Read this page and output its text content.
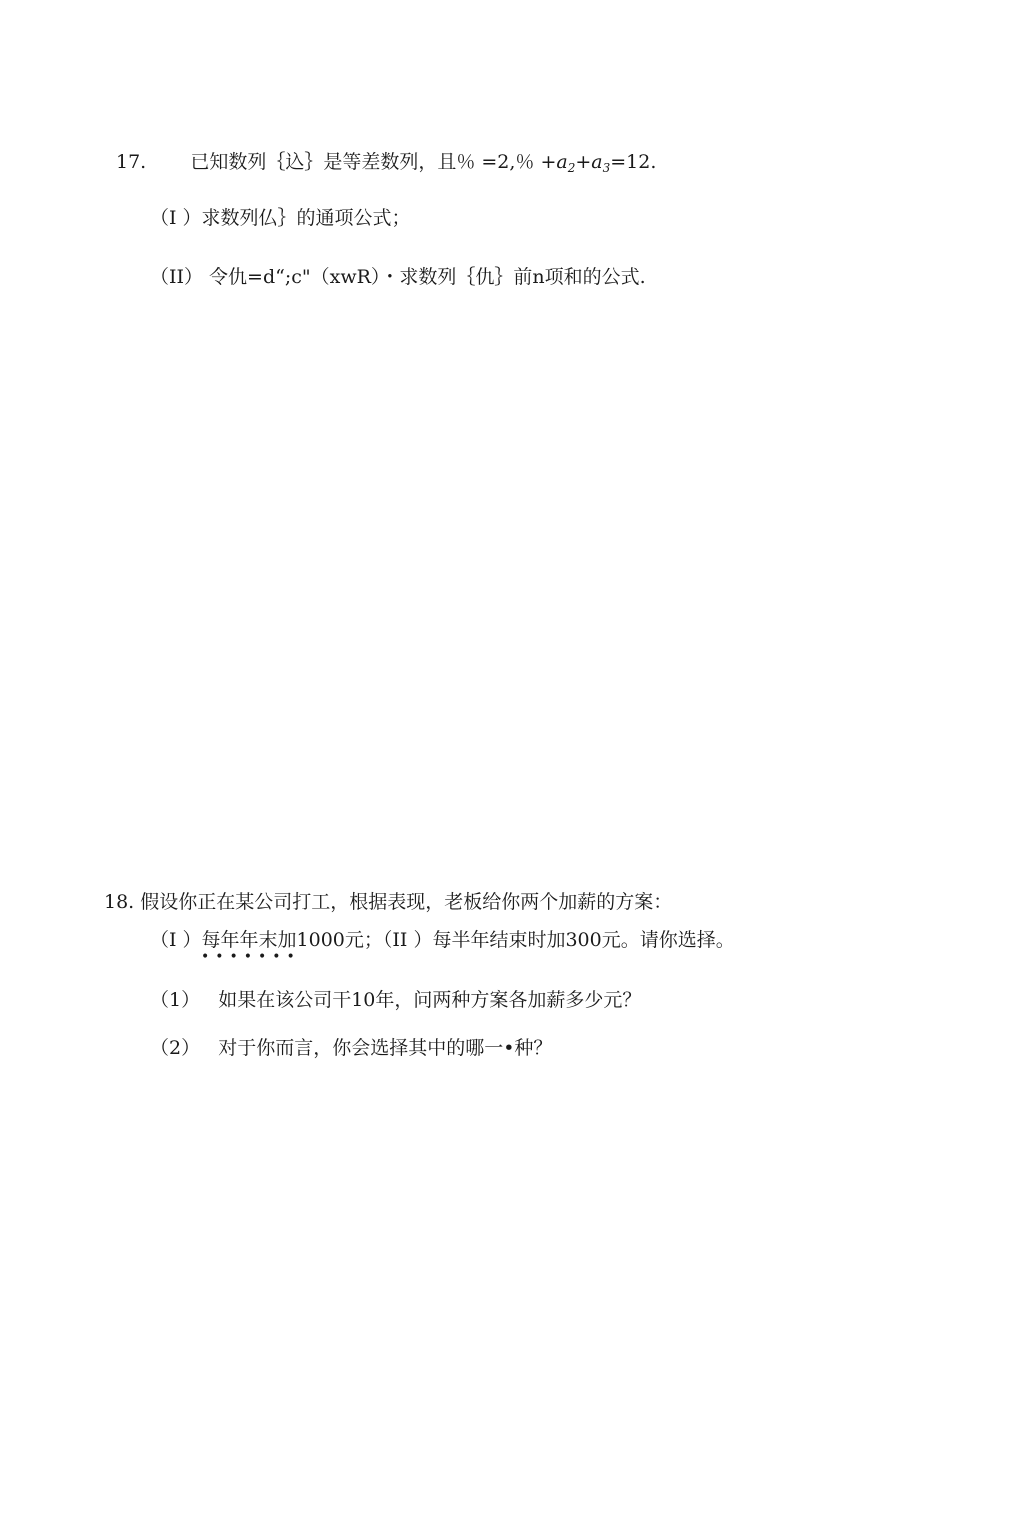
17. 已知数列｛込｝是等差数列，且％ =2,％ $+a_2+a_3=12$.
（I ）求数列仏｝的通项公式；
（II） 令仇=d“;c"（xwR）・求数列｛仇｝前n项和的公式.
18. 假设你正在某公司打工，根据表现，老板给你两个加薪的方案：
（I ）每年年末加1000元；（II ）每半年结束时加300元。请你选择。
•••••••
（1） 如果在该公司干10年，问两种方案各加薪多少元？
（2） 对于你而言，你会选择其中的哪一•种？
